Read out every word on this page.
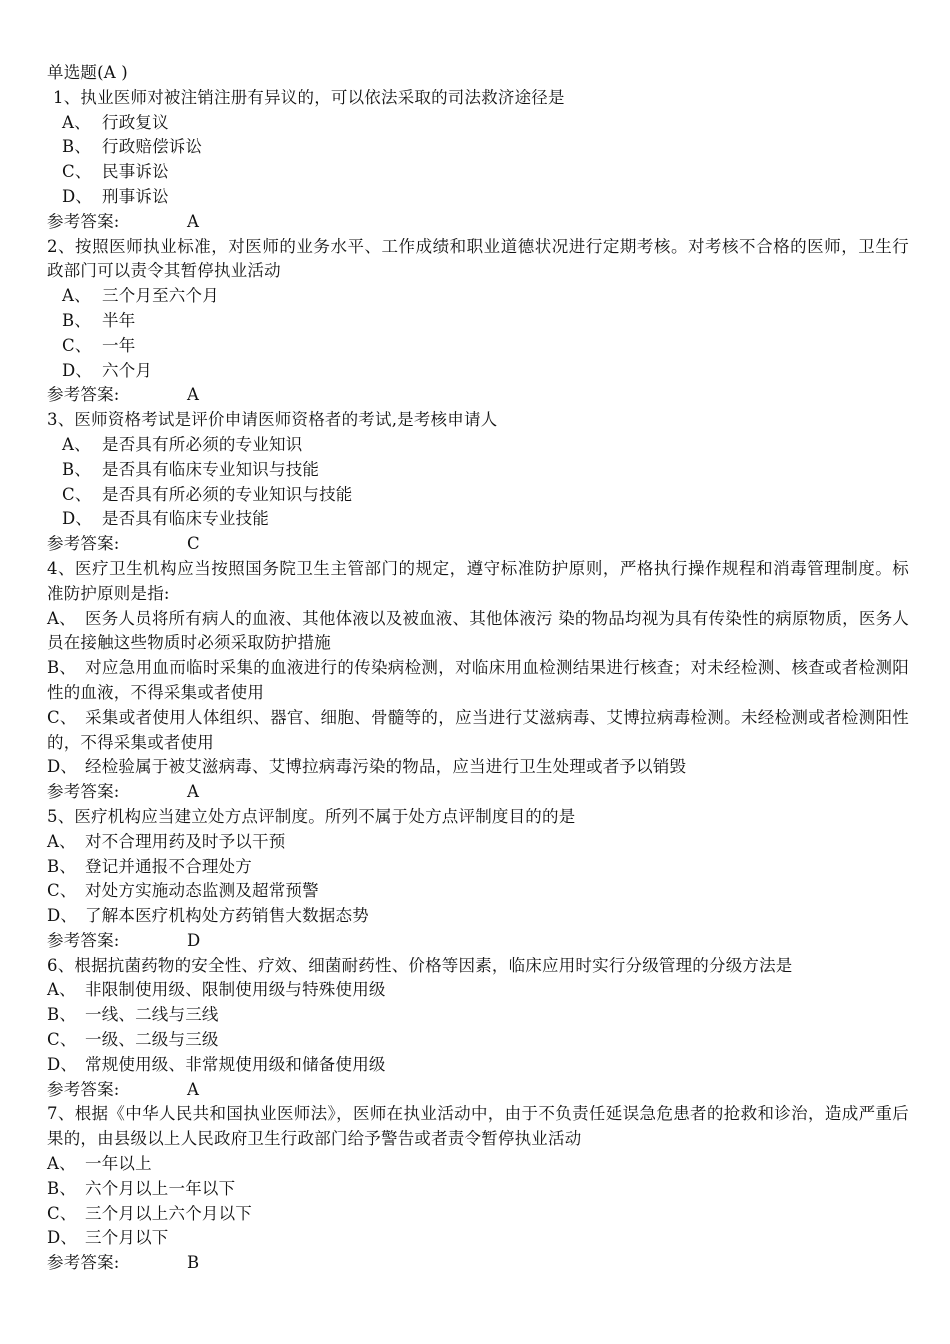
单选题(A )
1、执业医师对被注销注册有异议的，可以依法采取的司法救济途径是
A、 行政复议
B、 行政赔偿诉讼
C、 民事诉讼
D、 刑事诉讼
参考答案:	A
2、按照医师执业标准，对医师的业务水平、工作成绩和职业道德状况进行定期考核。对考核不合格的医师，卫生行政部门可以责令其暂停执业活动
A、 三个月至六个月
B、 半年
C、 一年
D、 六个月
参考答案:	A
3、医师资格考试是评价申请医师资格者的考试,是考核申请人
A、 是否具有所必须的专业知识
B、 是否具有临床专业知识与技能
C、 是否具有所必须的专业知识与技能
D、 是否具有临床专业技能
参考答案:	C
4、医疗卫生机构应当按照国务院卫生主管部门的规定，遵守标准防护原则，严格执行操作规程和消毒管理制度。标准防护原则是指:
A、 医务人员将所有病人的血液、其他体液以及被血液、其他体液污 染的物品均视为具有传染性的病原物质，医务人员在接触这些物质时必须采取防护措施
B、 对应急用血而临时采集的血液进行的传染病检测，对临床用血检测结果进行核查；对未经检测、核查或者检测阳性的血液，不得采集或者使用
C、 采集或者使用人体组织、器官、细胞、骨髓等的，应当进行艾滋病毒、艾博拉病毒检测。未经检测或者检测阳性的，不得采集或者使用
D、 经检验属于被艾滋病毒、艾博拉病毒污染的物品，应当进行卫生处理或者予以销毁
参考答案:	A
5、医疗机构应当建立处方点评制度。所列不属于处方点评制度目的的是
A、 对不合理用药及时予以干预
B、 登记并通报不合理处方
C、 对处方实施动态监测及超常预警
D、 了解本医疗机构处方药销售大数据态势
参考答案:	D
6、根据抗菌药物的安全性、疗效、细菌耐药性、价格等因素，临床应用时实行分级管理的分级方法是
A、 非限制使用级、限制使用级与特殊使用级
B、 一线、二线与三线
C、 一级、二级与三级
D、 常规使用级、非常规使用级和储备使用级
参考答案:	A
7、根据《中华人民共和国执业医师法》，医师在执业活动中，由于不负责任延误急危患者的抢救和诊治，造成严重后果的，由县级以上人民政府卫生行政部门给予警告或者责令暂停执业活动
A、 一年以上
B、 六个月以上一年以下
C、 三个月以上六个月以下
D、 三个月以下
参考答案:	B
